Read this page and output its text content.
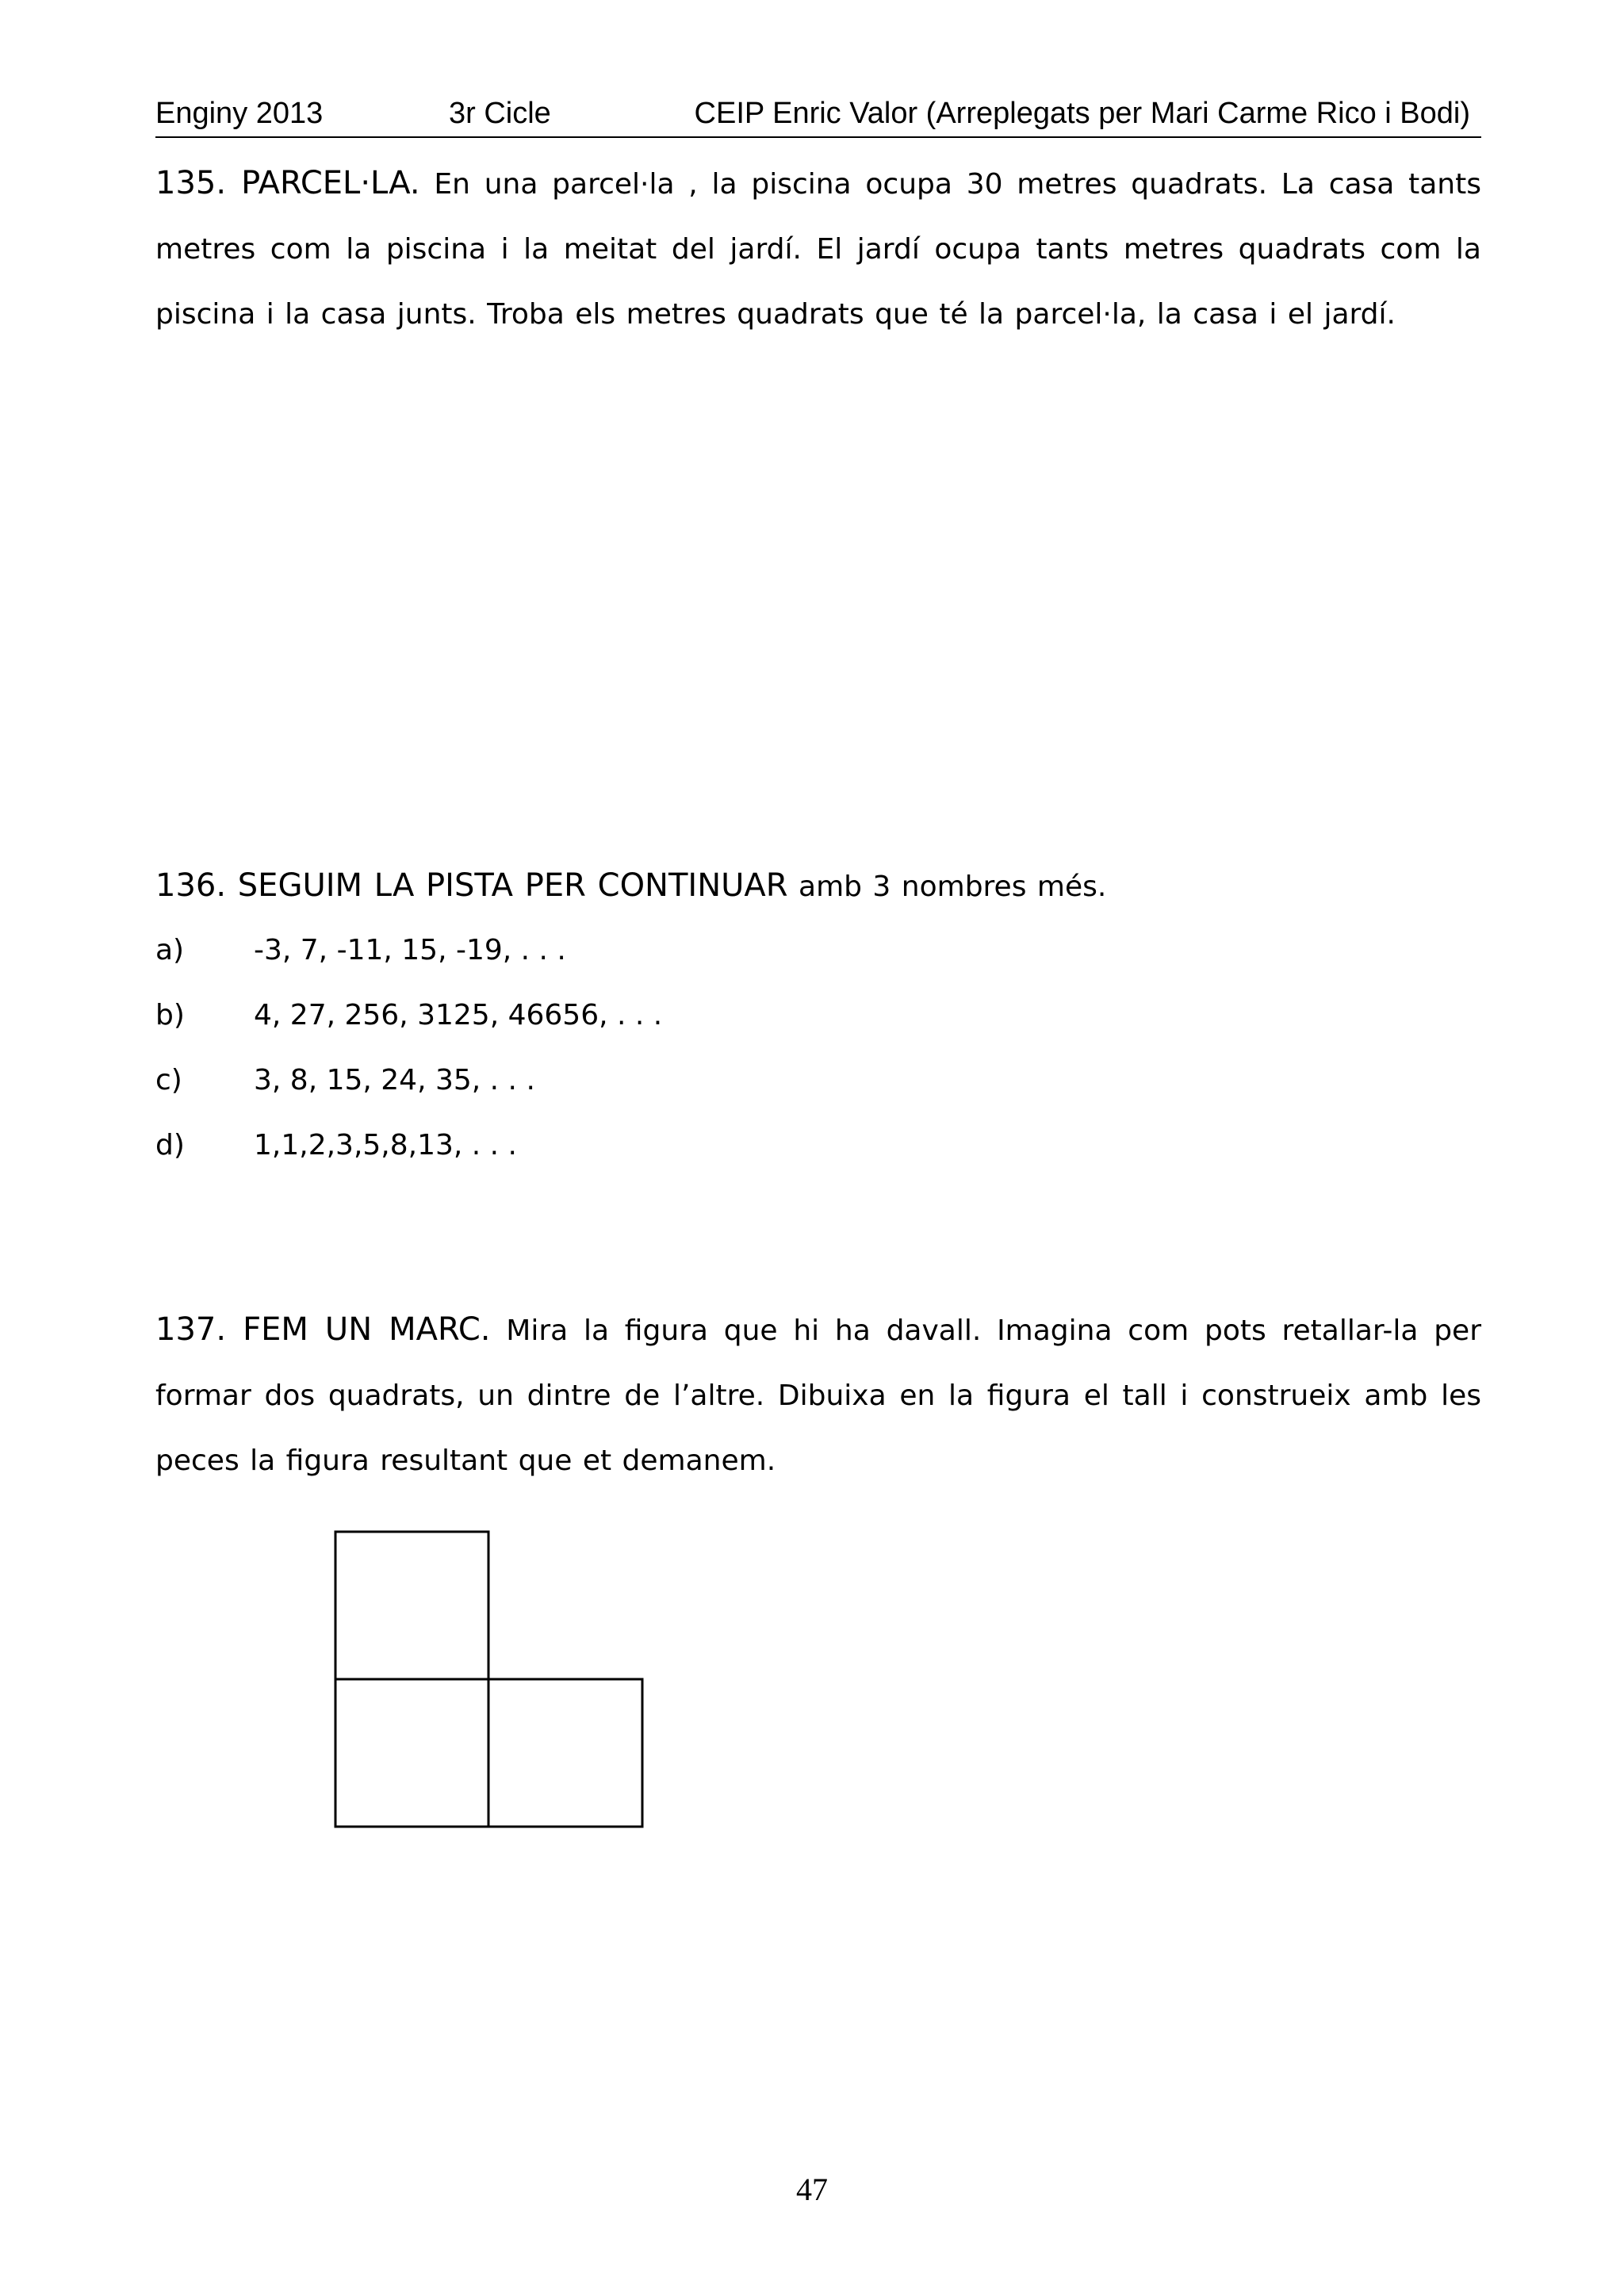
Enginy 2013	3r Cicle	CEIP Enric Valor (Arreplegats per Mari Carme Rico i Bodi)
135. PARCEL·LA. En una parcel·la , la piscina ocupa 30 metres quadrats. La casa tants metres com la piscina i la meitat del jardí. El jardí ocupa tants metres quadrats com la piscina i la casa junts. Troba els metres quadrats que té la parcel·la, la casa i el jardí.
136. SEGUIM LA PISTA PER CONTINUAR amb 3 nombres més.
a) -3, 7, -11, 15, -19, . . .
b) 4, 27, 256, 3125, 46656, . . .
c)	3, 8, 15, 24, 35, . . .
d) 1,1,2,3,5,8,13, . . .
137. FEM UN MARC. Mira la figura que hi ha davall. Imagina com pots retallar-la per formar dos quadrats, un dintre de l’altre. Dibuixa en la figura el tall i construeix amb les peces la figura resultant que et demanem.
47
